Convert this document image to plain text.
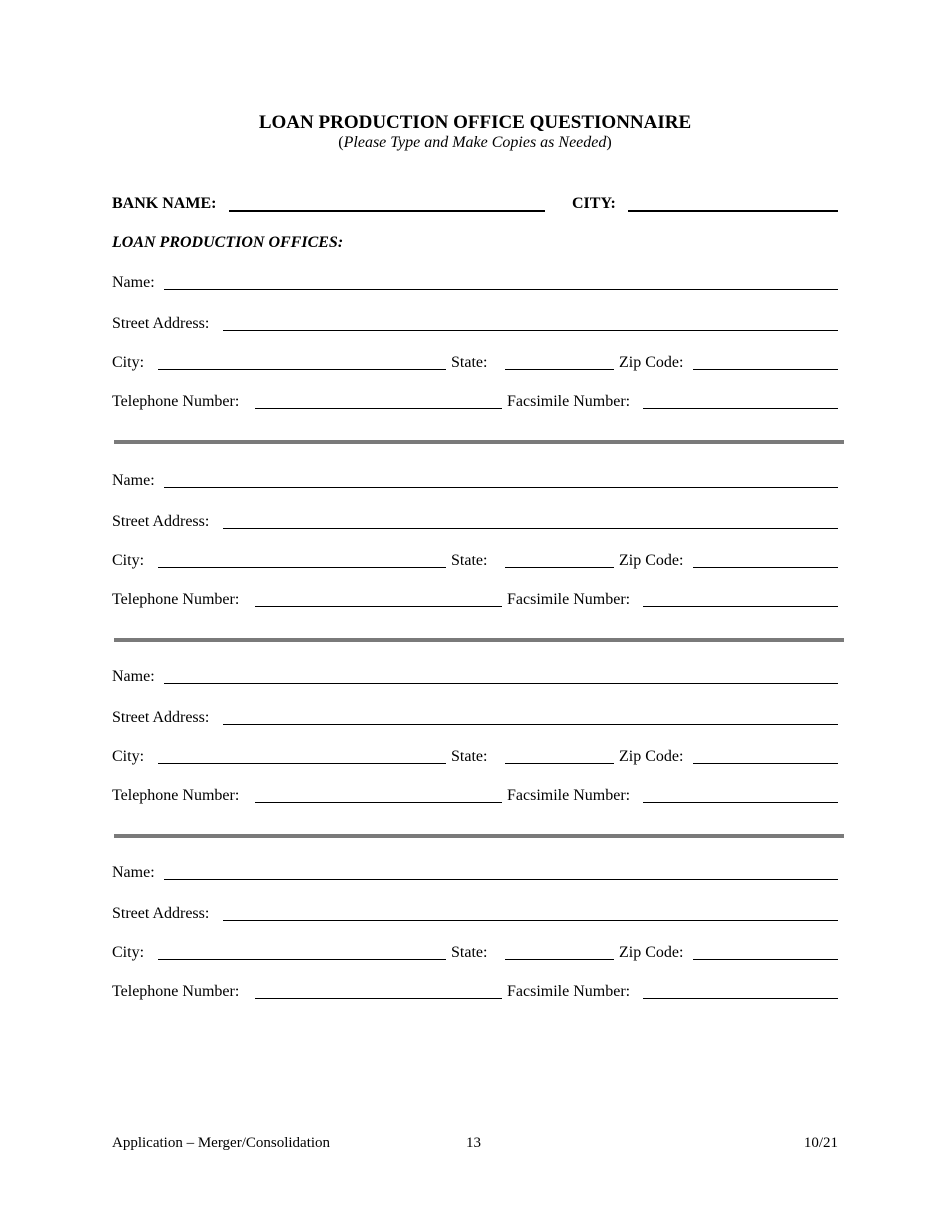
LOAN PRODUCTION OFFICE QUESTIONNAIRE
(Please Type and Make Copies as Needed)
BANK NAME:	CITY:
LOAN PRODUCTION OFFICES:
Name:
Street Address:
City:	State:	Zip Code:
Telephone Number:	Facsimile Number:
Name:
Street Address:
City:	State:	Zip Code:
Telephone Number:	Facsimile Number:
Name:
Street Address:
City:	State:	Zip Code:
Telephone Number:	Facsimile Number:
Name:
Street Address:
City:	State:	Zip Code:
Telephone Number:	Facsimile Number:
Application – Merger/Consolidation	13	10/21
